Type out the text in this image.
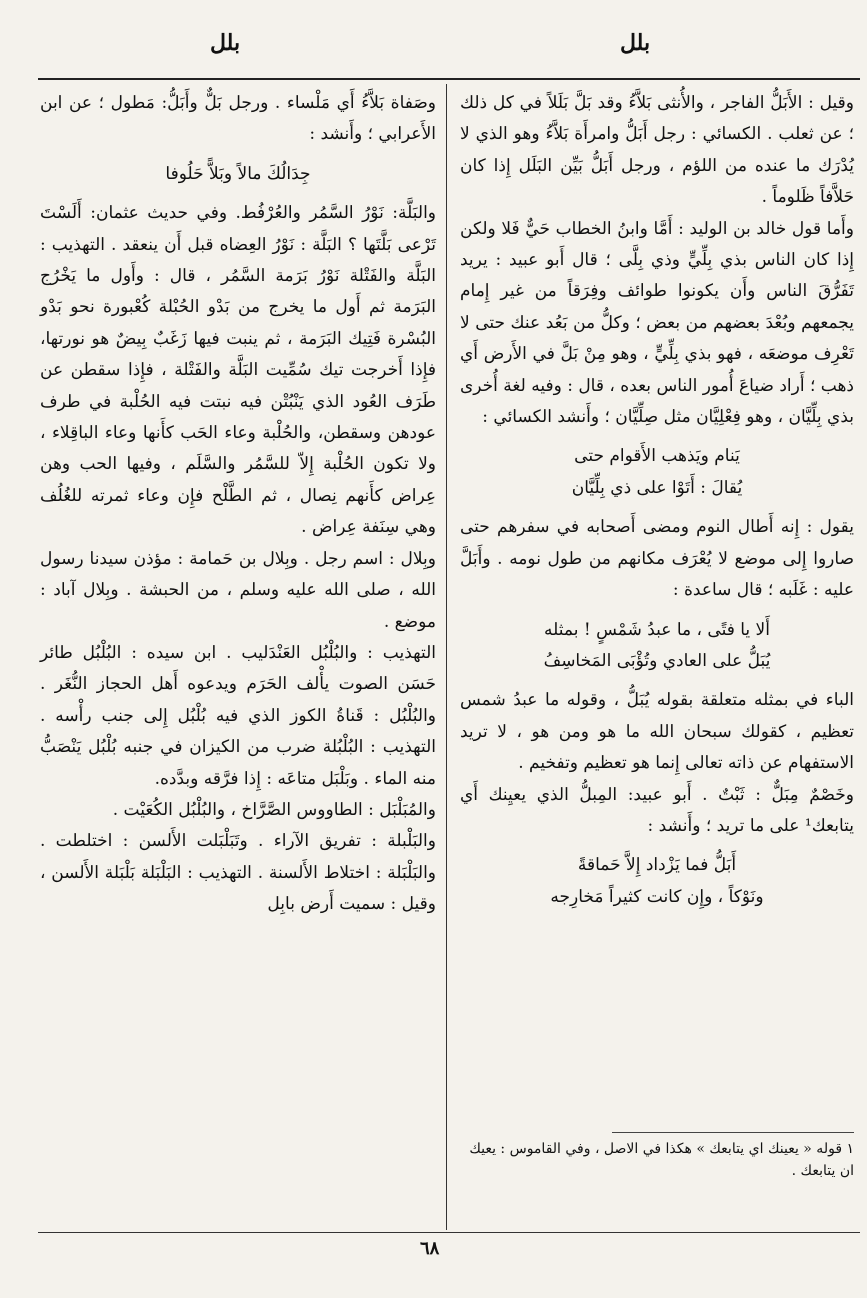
بلل
بلل

وقيل : الأَبَلُّ الفاجر ، والأُنثى بَلاَّءُ وقد بَلَّ بَلَلاً في كل ذلك ؛ عن ثعلب . الكسائي : رجل أَبَلُّ وامرأَة بَلاَّءُ وهو الذي لا يُدْرَك ما عنده من اللؤم ، ورجل أَبَلُّ بَيِّن البَلَل إِذا كان حَلاَّفاً ظَلوماً .

وأَما قول خالد بن الوليد : أَمَّا وابنُ الخطاب حَيٌّ فَلا ولكن إِذا كان الناس بذي بِلِّيٍّ وذي بِلَّى ؛ قال أَبو عبيد : يريد تَفَرُّقَ الناس وأَن يكونوا طوائف وفِرَقاً من غير إِمام يجمعهم وبُعْدَ بعضهم من بعض ؛ وكلُّ من بَعُد عنك حتى لا تَعْرِف موضعَه ، فهو بذي بِلِّيٍّ ، وهو مِنْ بَلَّ في الأَرض أَي ذهب ؛ أَراد ضياعَ أُمور الناس بعده ، قال : وفيه لغة أُخرى بذي بِلِّيَّان ، وهو فِعْلِيَّان مثل صِلِّيَّان ؛ وأَنشد الكسائي :

يَنام ويَذهب الأَقوام حتى

يُقالَ : أَتَوْا على ذي بِلِّيَّان

يقول : إِنه أَطال النوم ومضى أَصحابه في سفرهم حتى صاروا إِلى موضع لا يُعْرَف مكانهم من طول نومه . وأَبَلَّ عليه : غَلَبه ؛ قال ساعدة :

أَلا يا فتًى ، ما عبدُ شَمْسٍ ! بمثله

يُبَلُّ على العادي وتُؤْبَى المَخاسِفُ

الباء في بمثله متعلقة بقوله يُبَلُّ ، وقوله ما عبدُ شمس تعظيم ، كقولك سبحان الله ما هو ومن هو ، لا تريد الاستفهام عن ذاته تعالى إِنما هو تعظيم وتفخيم .

وخَصْمٌ مِبَلٌّ : ثَبْتٌ . أَبو عبيد: المِبلُّ الذي يعيِنك أَي يتابعك¹ على ما تريد ؛ وأَنشد :

أَبَلُّ فما يَزْداد إِلاَّ حَماقةً

ونَوْكاً ، وإِن كانت كثيراً مَخارِجه

١ قوله « يعينك اي يتابعك » هكذا في الاصل ، وفي القاموس : يعيك ان يتابعك .

وصَفاة بَلاَّءُ أَي مَلْساء . ورجل بَلٌّ وأَبَلُّ: مَطول ؛ عن ابن الأَعرابي ؛ وأَنشد :

جِدَالُكَ مالاً وبَلاًّ حَلُوفا

والبَلَّة: نَوْرُ السَّمُر والعُرْفُط. وفي حديث عثمان: أَلَسْتَ تَرْعى بَلَّتَها ؟ البَلَّة : نَوْرُ العِضاه قبل أَن ينعقد . التهذيب : البَلَّة والفَتْلة نَوْرُ بَرَمة السَّمُر ، قال : وأَول ما يَخْرُج البَرَمة ثم أَول ما يخرج من بَدْو الحُبْلة كُعْبورة نحو بَدْو البُسْرة فَتِيك البَرَمة ، ثم ينبت فيها زَغَبٌ بِيضٌ هو نورتها، فإِذا أَخرجت تيك سُمِّيت البَلَّة والفَتْلة ، فإِذا سقطن عن طَرَف العُود الذي يَنْبُتْن فيه نبتت فيه الحُلْبة في طرف عودهن وسقطن، والحُلْبة وعاء الحَب كأَنها وعاء الباقِلاء ، ولا تكون الحُلْبة إِلاّ للسَّمُر والسَّلَم ، وفيها الحب وهن عِراض كأَنهم نِصال ، ثم الطَّلْح فإِن وعاء ثمرته للغُلُف وهي سِنَفة عِراض .

وبِلال : اسم رجل . وبِلال بن حَمامة : مؤذن سيدنا رسول الله ، صلى الله عليه وسلم ، من الحبشة . وبِلال آباد : موضع .

التهذيب : والبُلْبُل العَنْدَليب . ابن سيده : البُلْبُل طائر حَسَن الصوت يأْلف الحَرَم ويدعوه أَهل الحجاز النُّغَر . والبُلْبُل : قَناةُ الكوز الذي فيه بُلْبُل إِلى جنب رأْسه . التهذيب : البُلْبُلة ضرب من الكيزان في جنبه بُلْبُل يَنْصَبُّ منه الماء . وبَلْبَل متاعَه : إِذا فرَّقه وبدَّده.

والمُبَلْبَل : الطاووس الصَّرَّاخ ، والبُلْبُل الكُعَيْت .

والبَلْبلة : تفريق الآراء . وتَبَلْبَلت الأَلسن : اختلطت . والبَلْبَلة : اختلاط الأَلسنة . التهذيب : البَلْبَلة بَلْبَلة الأَلسن ، وقيل : سميت أَرض بابِل

٦٨
